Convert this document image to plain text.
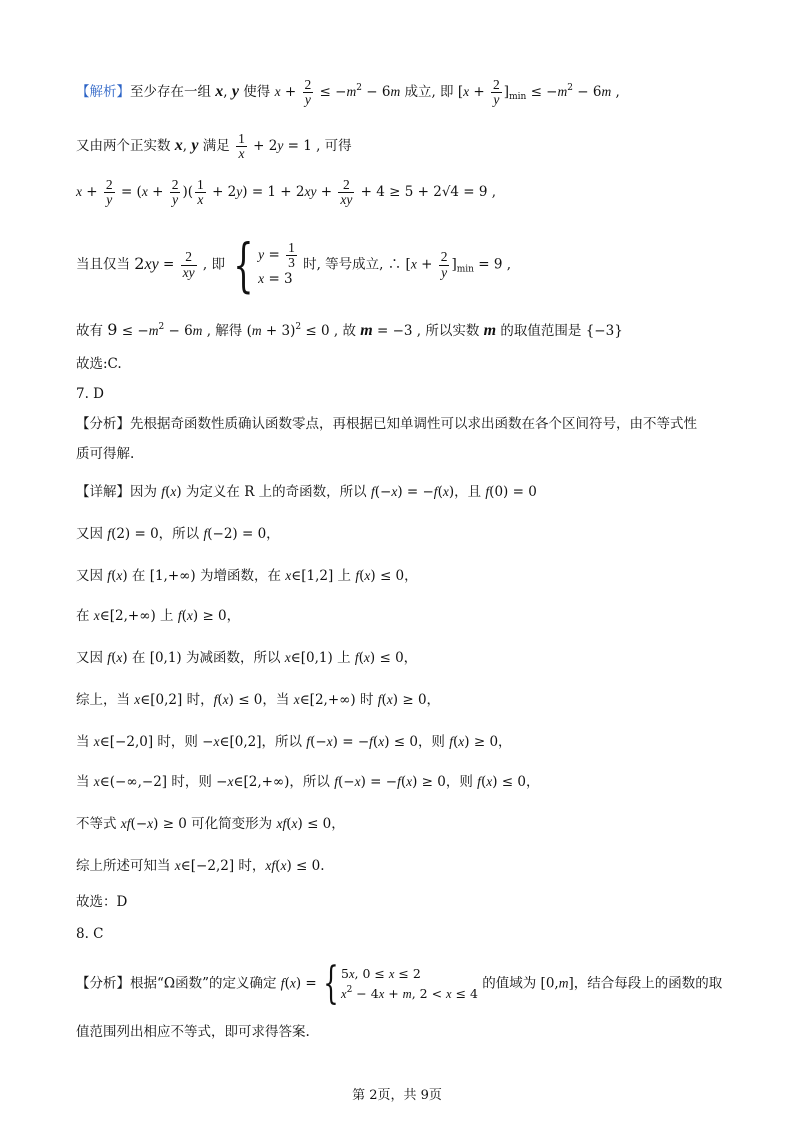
【解析】至少存在一组 x, y 使得 $x + \frac{2}{y} \le -m^2 - 6m$ 成立, 即 $[x + \frac{2}{y} ]_{min} \le -m^2 - 6m$ ,
又由两个正实数 x, y 满足 $\frac{1}{x} + 2y = 1$ , 可得
$x + \frac{2}{y} = (x + \frac{2}{y}$ )( $\frac{1}{x} + 2y) = 1 + 2xy + \frac{2}{xy} + 4 \ge 5 + 2√4 = 9$ ,
当且仅当 $2xy = \frac{2}{xy}$ , 即 { $y = \frac{1}{3}$
x = 3
时, 等号成立, ∴ $[x + \frac{2}{y} ]_{min} = 9$ ,
故有 $9 \le -m^2 - 6m$ , 解得 $(m + 3)^2 \le 0$ , 故 m = −3 , 所以实数 m 的取值范围是 {−3}
故选:C.
7. D
【分析】先根据奇函数性质确认函数零点，再根据已知单调性可以求出函数在各个区间符号，由不等式性
质可得解.
【详解】因为 f(x) 为定义在 R 上的奇函数，所以 f(−x) = −f(x)，且 f(0) = 0
又因 f(2) = 0，所以 f(−2) = 0，
又因 f(x) 在 [1,+∞) 为增函数，在 x∈[1,2] 上 f(x) ≤ 0，
在 x∈[2,+∞) 上 f(x) ≥ 0，
又因 f(x) 在 [0,1) 为减函数，所以 x∈[0,1) 上 f(x) ≤ 0，
综上，当 x∈[0,2] 时，f(x) ≤ 0，当 x∈[2,+∞) 时 f(x) ≥ 0，
当 x∈[−2,0] 时，则 −x∈[0,2]，所以 f(−x) = −f(x) ≤ 0，则 f(x) ≥ 0，
当 x∈(−∞,−2] 时，则 −x∈[2,+∞)，所以 f(−x) = −f(x) ≥ 0，则 f(x) ≤ 0，
不等式 xf(−x) ≥ 0 可化简变形为 xf(x) ≤ 0，
综上所述可知当 x∈[−2,2] 时，xf(x) ≤ 0.
故选：D
8. C
【分析】根据“Ω函数”的定义确定 f(x) = { 5x, 0 ≤ x ≤ 2
$x^2 - 4x + m$, 2 < x ≤ 4
的值域为 [0,m]，结合每段上的函数的取
值范围列出相应不等式，即可求得答案.
第 2页，共 9页
